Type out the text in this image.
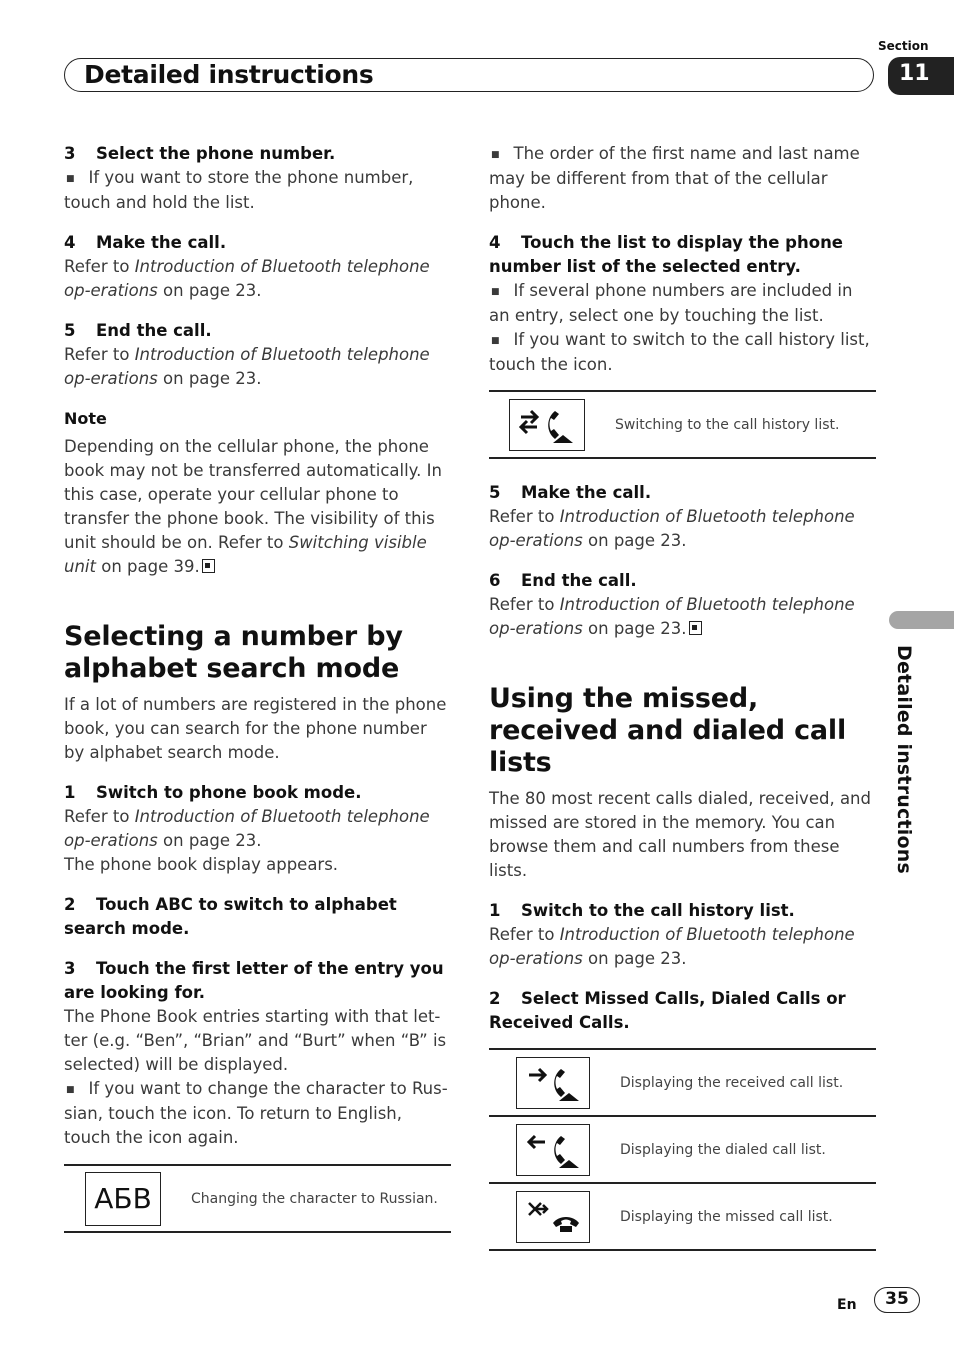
Section
Detailed instructions	11
Detailed instructions
3 Select the phone number.
■ If you want to store the phone number, touch and hold the list.
4 Make the call.
Refer to Introduction of Bluetooth telephone op-erations on page 23.
5 End the call.
Refer to Introduction of Bluetooth telephone op-erations on page 23.
Note
Depending on the cellular phone, the phone book may not be transferred automatically. In this case, operate your cellular phone to transfer the phone book. The visibility of this unit should be on. Refer to Switching visible unit on page 39.
Selecting a number by alphabet search mode
If a lot of numbers are registered in the phone book, you can search for the phone number by alphabet search mode.
1 Switch to phone book mode.
Refer to Introduction of Bluetooth telephone op-erations on page 23.
The phone book display appears.
2 Touch ABC to switch to alphabet search mode.
3 Touch the first letter of the entry you are looking for.
The Phone Book entries starting with that let-ter (e.g. “Ben”, “Brian” and “Burt” when “B” is selected) will be displayed.
■ If you want to change the character to Rus-sian, touch the icon. To return to English, touch the icon again.
АБВ	Changing the character to Russian.
■ The order of the first name and last name may be different from that of the cellular phone.
4 Touch the list to display the phone number list of the selected entry.
■ If several phone numbers are included in an entry, select one by touching the list.
■ If you want to switch to the call history list, touch the icon.
Switching to the call history list.
5 Make the call.
Refer to Introduction of Bluetooth telephone op-erations on page 23.
6 End the call.
Refer to Introduction of Bluetooth telephone op-erations on page 23.
Using the missed, received and dialed call lists
The 80 most recent calls dialed, received, and missed are stored in the memory. You can browse them and call numbers from these lists.
1 Switch to the call history list.
Refer to Introduction of Bluetooth telephone op-erations on page 23.
2 Select Missed Calls, Dialed Calls or Received Calls.
Displaying the received call list.
Displaying the dialed call list.
Displaying the missed call list.
En	35
